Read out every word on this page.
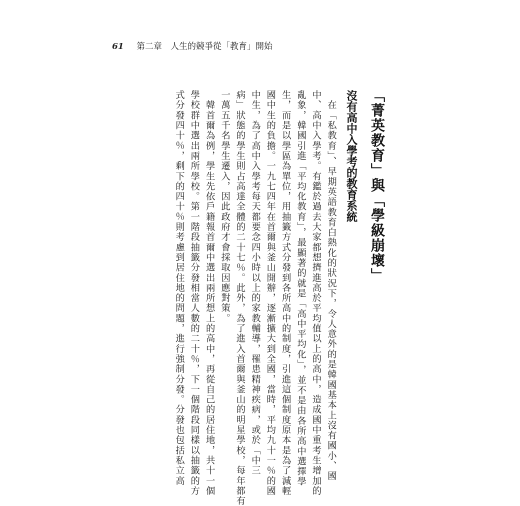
61 第二章　人生的競爭從「教育」開始
「菁英教育」與「學級崩壞」
沒有高中入學考的教育系統
　在「私教育」、早期英語教育白熱化的狀況下，令人意外的是韓國基本上沒有國小、國
中、高中入學考。有鑑於過去大家都想擠進高於平均值以上的高中，造成國中重考生增加的
亂象，韓國引進「平均化教育」，最顯著的就是「高中平均化」，並不是由各所高中選擇學
生，而是以學區為單位，用抽籤方式分發到各所高中的制度，引進這個制度原本是為了減輕
國中生的負擔。一九七四年在首爾與釜山開辦，逐漸擴大到全國，當時，平均九十一％的國
中生，為了高中入學考每天都要念四小時以上的家教輔導，罹患精神疾病，或於「中三
病」狀態的學生則占高達全體的二十七％。此外，為了進入首爾與釜山的明星學校，每年都有
一萬五千名學生遷入，因此政府才會採取因應對策。
　韓首爾為例，學生先依戶籍報首爾中選出兩所想上的高中，再從自己的居住地，共十一個
學校群中選出兩所學校。第一階段抽籤分發相當人數的二十％，下一個階段同樣以抽籤的方
式分發四十％，剩下的四十％則考慮到居住地的問題，進行強制分發。分發也包括私立高
